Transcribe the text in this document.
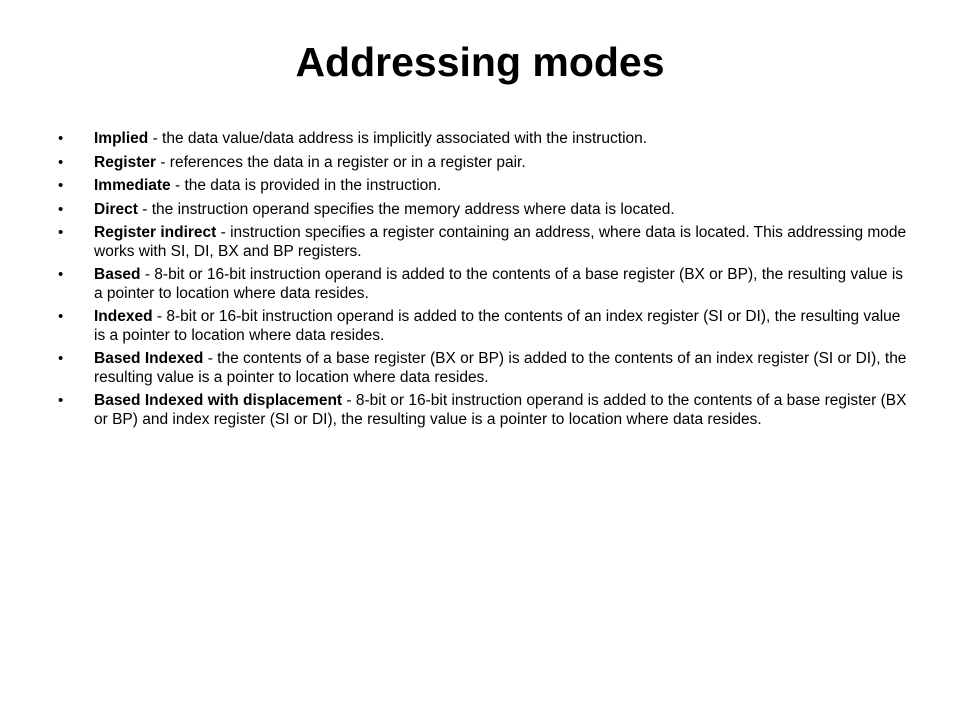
Addressing modes
•	Implied - the data value/data address is implicitly associated with the instruction.
•	Register - references the data in a register or in a register pair.
•	Immediate - the data is provided in the instruction.
•	Direct - the instruction operand specifies the memory address where data is located.
•	Register indirect - instruction specifies a register containing an address, where data is located. This addressing mode works with SI, DI, BX and BP registers.
•	Based - 8-bit or 16-bit instruction operand is added to the contents of a base register (BX or BP), the resulting value is a pointer to location where data resides.
•	Indexed - 8-bit or 16-bit instruction operand is added to the contents of an index register (SI or DI), the resulting value is a pointer to location where data resides.
•	Based Indexed - the contents of a base register (BX or BP) is added to the contents of an index register (SI or DI), the resulting value is a pointer to location where data resides.
•	Based Indexed with displacement - 8-bit or 16-bit instruction operand is added to the contents of a base register (BX or BP) and index register (SI or DI), the resulting value is a pointer to location where data resides.
